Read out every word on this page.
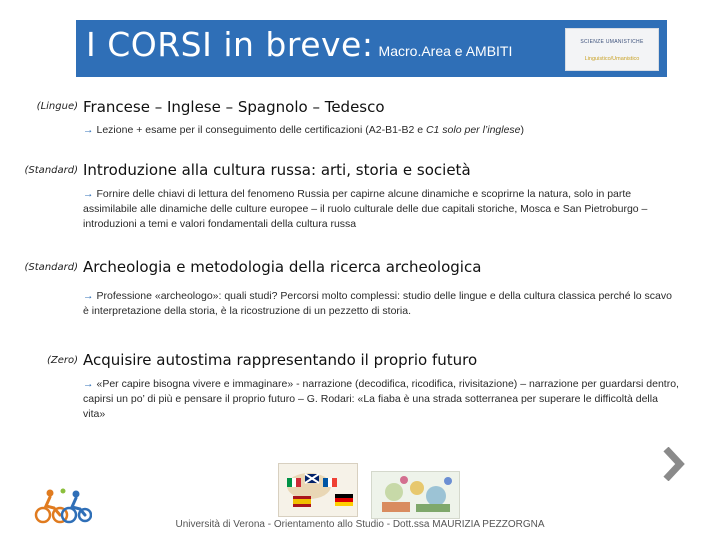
I CORSI in breve: Macro.Area e AMBITI
SCIENZE UMANISTICHE
Linguistico/Umanistico
(Lingue) Francese – Inglese – Spagnolo – Tedesco
→ Lezione + esame per il conseguimento delle certificazioni (A2-B1-B2 e C1 solo per l’inglese)
(Standard) Introduzione alla cultura russa: arti, storia e società
→ Fornire delle chiavi di lettura del fenomeno Russia per capirne alcune dinamiche e scoprirne la natura, solo in parte assimilabile alle dinamiche delle culture europee – il ruolo culturale delle due capitali storiche, Mosca e San Pietroburgo – introduzioni a temi e valori fondamentali della cultura russa
(Standard) Archeologia e metodologia della ricerca archeologica
→ Professione «archeologo»: quali studi? Percorsi molto complessi: studio delle lingue e della cultura classica perché lo scavo è interpretazione della storia, è la ricostruzione di un pezzetto di storia.
(Zero) Acquisire autostima rappresentando il proprio futuro
→ «Per capire bisogna vivere e immaginare» - narrazione (decodifica, ricodifica, rivisitazione) – narrazione per guardarsi dentro, capirsi un po’ di più e pensare il proprio futuro – G. Rodari: «La fiaba è una strada sotterranea per superare le difficoltà della vita»
Università di Verona - Orientamento allo Studio - Dott.ssa MAURIZIA PEZZORGNA
